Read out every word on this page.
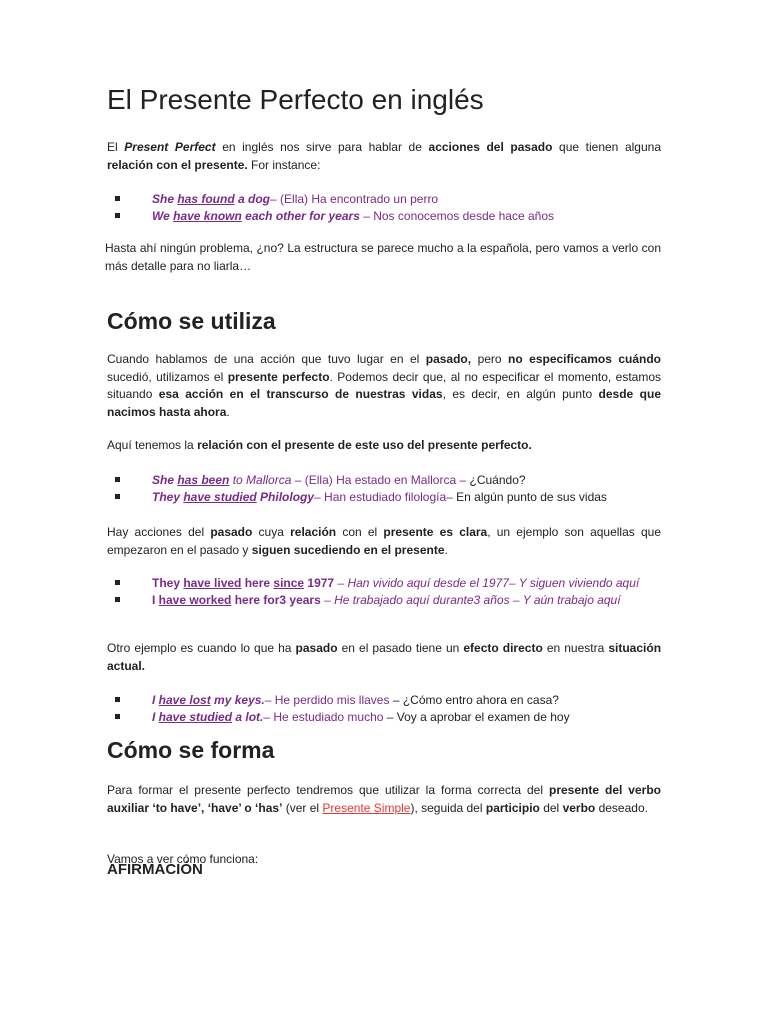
El Presente Perfecto en inglés

El Present Perfect en inglés nos sirve para hablar de acciones del pasado que tienen alguna relación con el presente. For instance:

She has found a dog– (Ella) Ha encontrado un perro
We have known each other for years – Nos conocemos desde hace años

Hasta ahí ningún problema, ¿no? La estructura se parece mucho a la española, pero vamos a verlo con más detalle para no liarla…

Cómo se utiliza

Cuando hablamos de una acción que tuvo lugar en el pasado, pero no especificamos cuándo sucedió, utilizamos el presente perfecto. Podemos decir que, al no especificar el momento, estamos situando esa acción en el transcurso de nuestras vidas, es decir, en algún punto desde que nacimos hasta ahora.

Aquí tenemos la relación con el presente de este uso del presente perfecto.

She has been to Mallorca – (Ella) Ha estado en Mallorca – ¿Cuándo?
They have studied Philology– Han estudiado filología– En algún punto de sus vidas

Hay acciones del pasado cuya relación con el presente es clara, un ejemplo son aquellas que empezaron en el pasado y siguen sucediendo en el presente.

They have lived here since 1977 – Han vivido aquí desde el 1977– Y siguen viviendo aquí
I have worked here for3 years – He trabajado aquí durante3 años – Y aún trabajo aquí

Otro ejemplo es cuando lo que ha pasado en el pasado tiene un efecto directo en nuestra situación actual.

I have lost my keys.– He perdido mis llaves – ¿Cómo entro ahora en casa?
I have studied a lot.– He estudiado mucho – Voy a aprobar el examen de hoy
Cómo se forma

Para formar el presente perfecto tendremos que utilizar la forma correcta del presente del verbo auxiliar ‘to have’, ‘have’ o ‘has’ (ver el Presente Simple), seguida del participio del verbo deseado.

Vamos a ver cómo funciona:

AFIRMACIÓN
